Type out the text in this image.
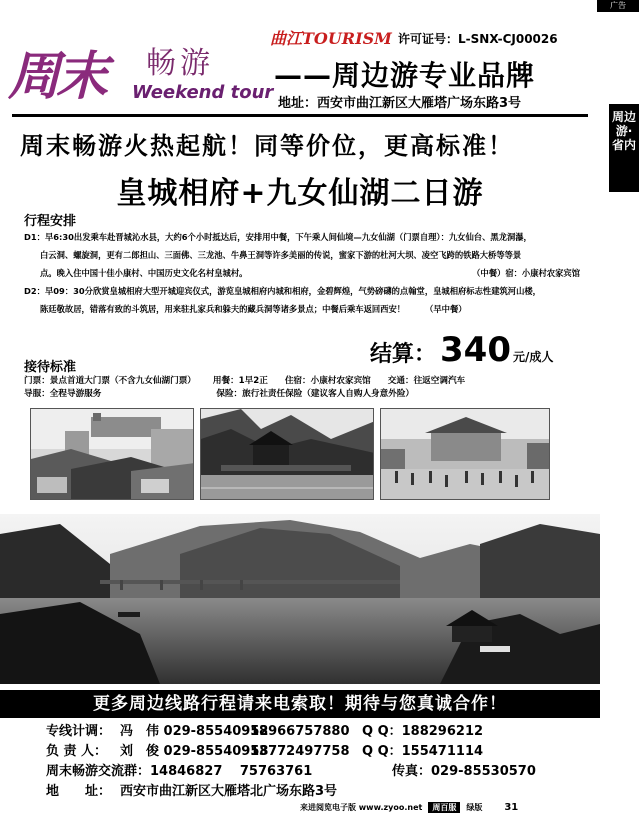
广告
周边游·省内
周末 畅游
Weekend tour
曲江TOURISM 许可证号：L-SNX-CJ00026
——周边游专业品牌
地址：西安市曲江新区大雁塔广场东路3号
周末畅游火热起航！同等价位，更高标准！
皇城相府+九女仙湖二日游
行程安排
D1：早6:30出发乘车赴晋城沁水县，大约6个小时抵达后，安排用中餐，下午乘人间仙境—九女仙湖（门票自理）：九女仙台、黑龙洞瀑，
白云洞、螺旋洞，更有二郎担山、三面佛、三龙池、牛鼻王洞等许多美丽的传说，蜜家下游的杜河大坝、凌空飞跨的铁路大桥等等景
点。晚入住中国十佳小康村、中国历史文化名村皇城村。	（中餐）宿：小康村农家宾馆
D2：早09：30分欣赏皇城相府大型开城迎宾仪式，游览皇城相府内城和相府，金碧辉煌，气势磅礴的点翰堂，皇城相府标志性建筑河山楼，
陈廷敬故居，错落有致的斗筑居，用来驻扎家兵和躲夫的藏兵洞等诸多景点；中餐后乘车返回西安！ （早中餐）
结算： 340 元/成人
接待标准
门票：景点首道大门票（不含九女仙湖门票） 用餐：1早2正 住宿：小康村农家宾馆 交通：往返空调汽车
导服：全程导游服务	保险：旅行社责任保险（建议客人自购人身意外险）
更多周边线路行程请来电索取！期待与您真诚合作！
专线计调： 冯　伟 029-85540952
18966757880 Q Q：188296212
负 责 人： 刘　俊 029-85540958
13772497758 Q Q：155471114
周末畅游交流群：14846827　 75763761	传真：029-85530570
地　　址： 西安市曲江新区大雁塔北广场东路3号
来进阅览电子版 www.zyoo.net	周百服	绿版 31
